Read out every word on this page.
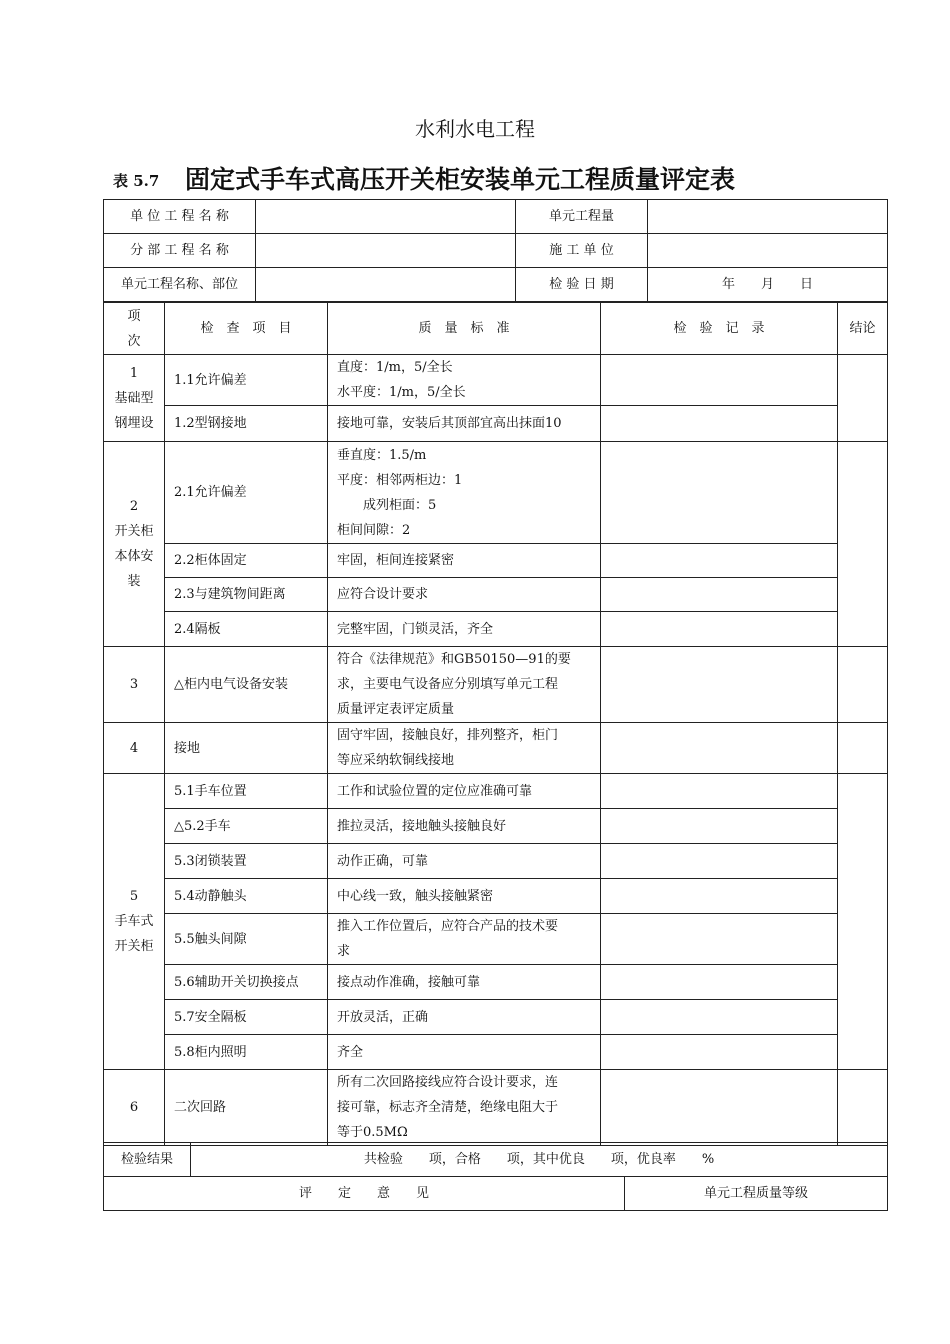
水利水电工程
表 5.7 固定式手车式高压开关柜安装单元工程质量评定表
单 位 工 程 名 称		单元工程量	
分 部 工 程 名 称		施 工 单 位	
单元工程名称、部位		检 验 日 期	年　　月　　日
项
次	检　查　项　目	质　量　标　准	检　验　记　录	结论
1
基础型
钢埋设	1.1允许偏差	直度：1/m，5/全长
水平度：1/m，5/全长		
	1.2型钢接地	接地可靠，安装后其顶部宜高出抹面10		
2
开关柜
本体安
装	2.1允许偏差	垂直度：1.5/m
平度：相邻两柜边：1
　　成列柜面：5
柜间间隙：2		
	2.2柜体固定	牢固，柜间连接紧密		
	2.3与建筑物间距离	应符合设计要求		
	2.4隔板	完整牢固，门锁灵活，齐全		
3	△柜内电气设备安装	符合《法律规范》和GB50150—91的要
求，主要电气设备应分别填写单元工程
质量评定表评定质量		
4	接地	固守牢固，接触良好，排列整齐，柜门
等应采纳软铜线接地		
5
手车式
开关柜	5.1手车位置	工作和试验位置的定位应准确可靠		
	△5.2手车	推拉灵活，接地触头接触良好		
	5.3闭锁装置	动作正确，可靠		
	5.4动静触头	中心线一致，触头接触紧密		
	5.5触头间隙	推入工作位置后，应符合产品的技术要
求		
	5.6辅助开关切换接点	接点动作准确，接触可靠		
	5.7安全隔板	开放灵活，正确		
	5.8柜内照明	齐全		
6	二次回路	所有二次回路接线应符合设计要求，连
接可靠，标志齐全清楚，绝缘电阻大于
等于0.5MΩ		
检验结果	共检验　　项，合格　　项，其中优良　　项，优良率　　%	
评　　定　　意　　见		单元工程质量等级
